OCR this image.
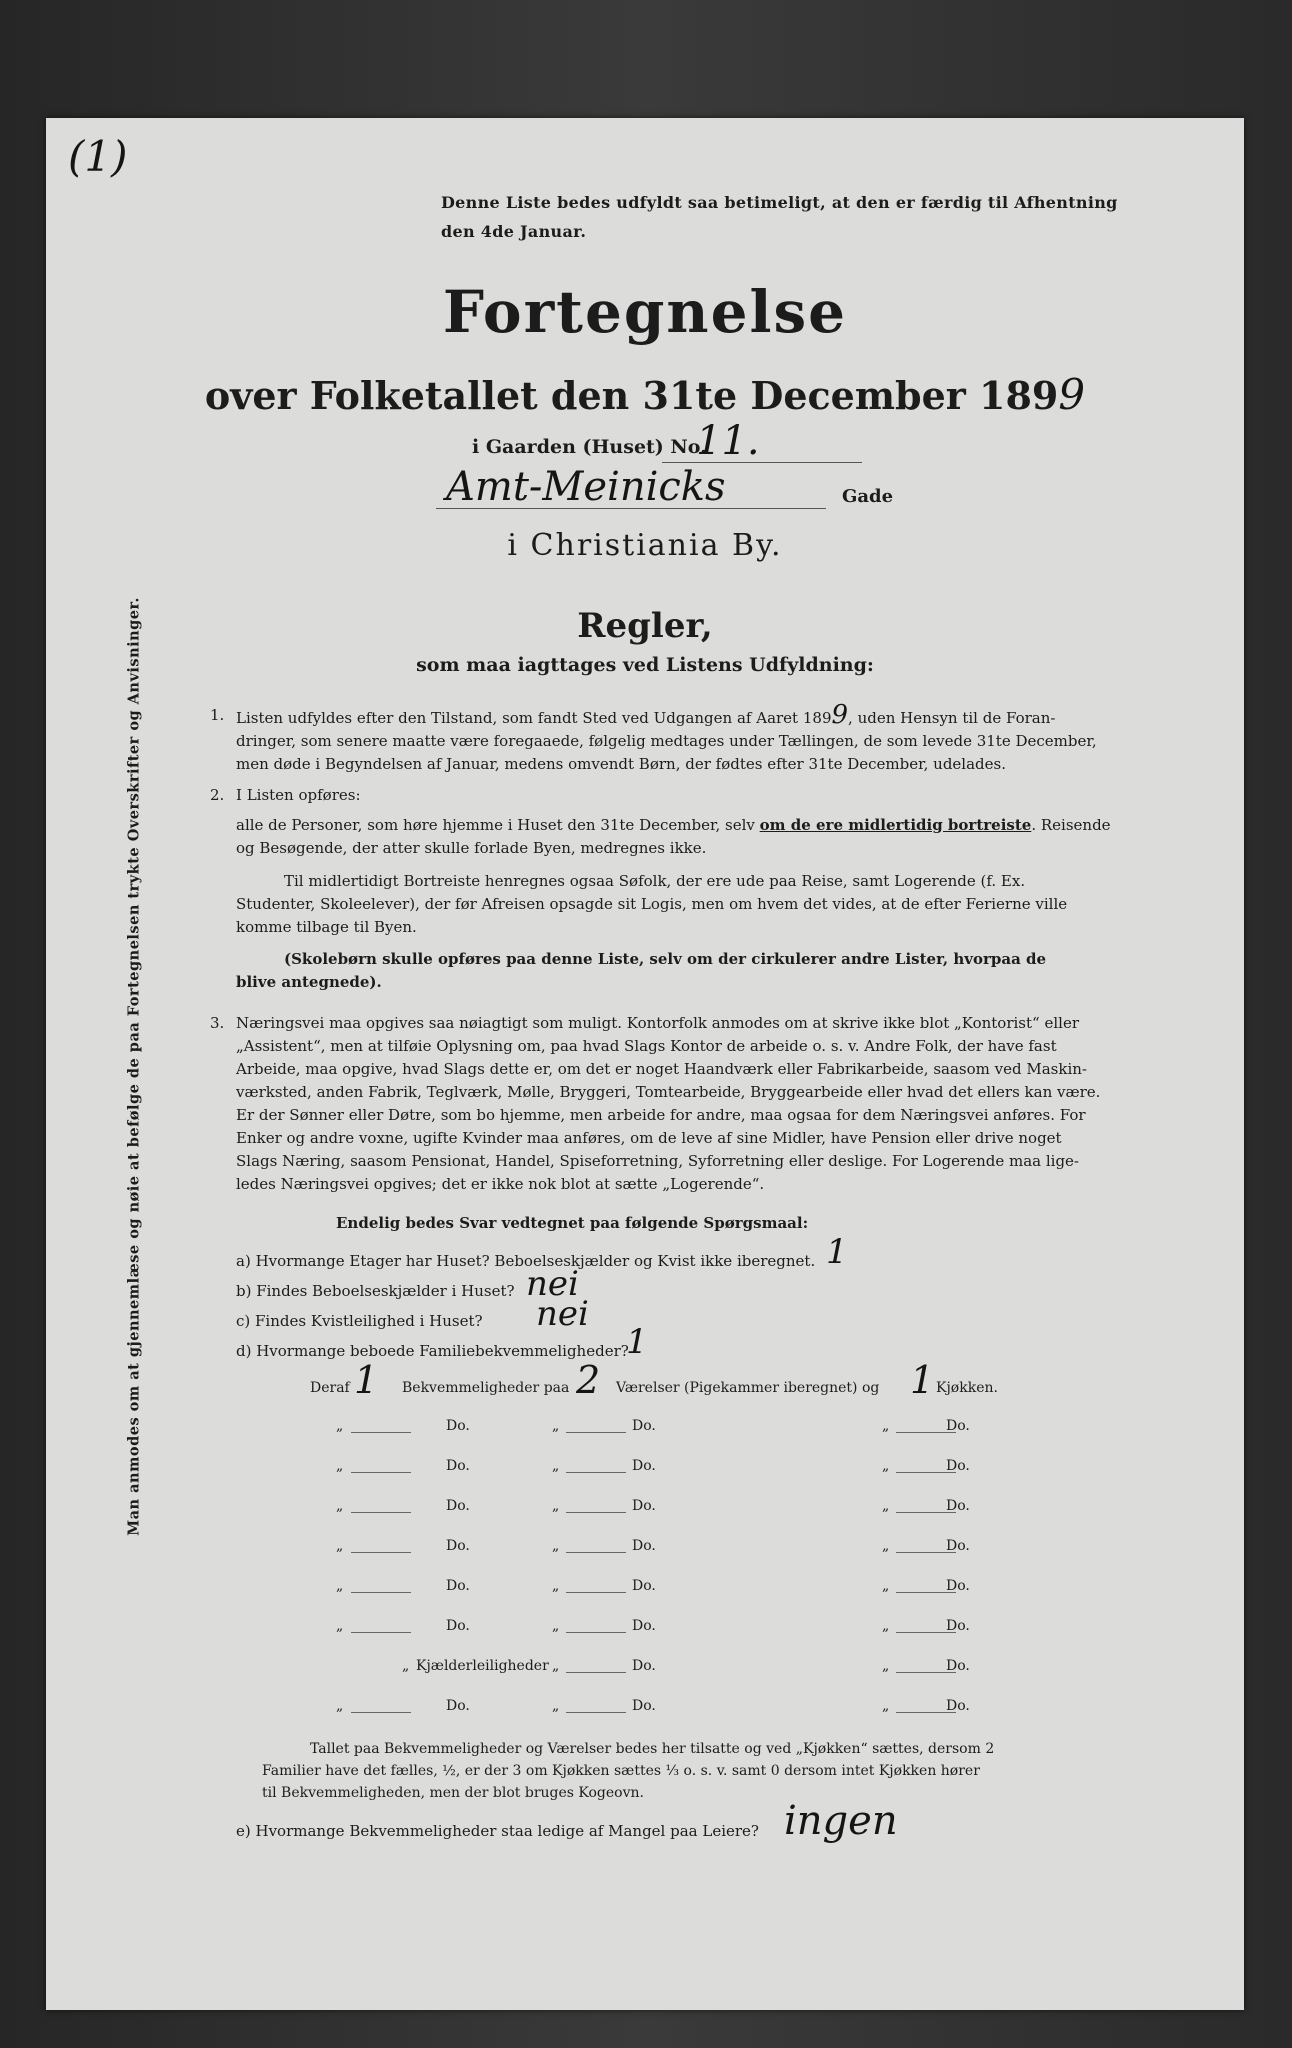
(1)
Denne Liste bedes udfyldt saa betimeligt, at den er færdig til Afhentning den 4de Januar.
Fortegnelse
over Folketallet den 31te December 1899
i Gaarden (Huset) No.
11.
Amt-Meinicks	Gade
i Christiania By.
Man anmodes om at gjennemlæse og nøie at befølge de paa Fortegnelsen trykte Overskrifter og Anvisninger.	Regler,
som maa iagttages ved Listens Udfyldning:
1. Listen udfyldes efter den Tilstand, som fandt Sted ved Udgangen af Aaret 1899, uden Hensyn til de Foran-
dringer, som senere maatte være foregaaede, følgelig medtages under Tællingen, de som levede 31te December,
men døde i Begyndelsen af Januar, medens omvendt Børn, der fødtes efter 31te December, udelades.
2. I Listen opføres:
alle de Personer, som høre hjemme i Huset den 31te December, selv om de ere midlertidig bortreiste. Reisende
og Besøgende, der atter skulle forlade Byen, medregnes ikke.
Til midlertidigt Bortreiste henregnes ogsaa Søfolk, der ere ude paa Reise, samt Logerende (f. Ex.
Studenter, Skoleelever), der før Afreisen opsagde sit Logis, men om hvem det vides, at de efter Ferierne ville
komme tilbage til Byen.
(Skolebørn skulle opføres paa denne Liste, selv om der cirkulerer andre Lister, hvorpaa de
blive antegnede).
3. Næringsvei maa opgives saa nøiagtigt som muligt. Kontorfolk anmodes om at skrive ikke blot „Kontorist“ eller
„Assistent“, men at tilføie Oplysning om, paa hvad Slags Kontor de arbeide o. s. v. Andre Folk, der have fast
Arbeide, maa opgive, hvad Slags dette er, om det er noget Haandværk eller Fabrikarbeide, saasom ved Maskin-
værksted, anden Fabrik, Teglværk, Mølle, Bryggeri, Tomtearbeide, Bryggearbeide eller hvad det ellers kan være.
Er der Sønner eller Døtre, som bo hjemme, men arbeide for andre, maa ogsaa for dem Næringsvei anføres. For
Enker og andre voxne, ugifte Kvinder maa anføres, om de leve af sine Midler, have Pension eller drive noget
Slags Næring, saasom Pensionat, Handel, Spiseforretning, Syforretning eller deslige. For Logerende maa lige-
ledes Næringsvei opgives; det er ikke nok blot at sætte „Logerende“.
Endelig bedes Svar vedtegnet paa følgende Spørgsmaal:
a) Hvormange Etager har Huset? Beboelseskjælder og Kvist ikke iberegnet. 1
b) Findes Beboelseskjælder i Huset? nei
c) Findes Kvistleilighed i Huset? nei
d) Hvormange beboede Familiebekvemmeligheder?
1
Deraf 1 Bekvemmeligheder paa 2 Værelser (Pigekammer iberegnet) og 1 Kjøkken.
„	Do.	„	Do.	„	Do.
„	Do.	„	Do.	„	Do.
„	Do.	„	Do.	„	Do.
„	Do.	„	Do.	„	Do.
„	Do.	„	Do.	„	Do.
„	Do.	„	Do.	„	Do.
„ Kjælderleiligheder „	Do.	„	Do.
„	Do.	„	Do.	„	Do.
Tallet paa Bekvemmeligheder og Værelser bedes her tilsatte og ved „Kjøkken“ sættes, dersom 2
Familier have det fælles, ½, er der 3 om Kjøkken sættes ⅓ o. s. v. samt 0 dersom intet Kjøkken hører
til Bekvemmeligheden, men der blot bruges Kogeovn.
e) Hvormange Bekvemmeligheder staa ledige af Mangel paa Leiere? ingen
